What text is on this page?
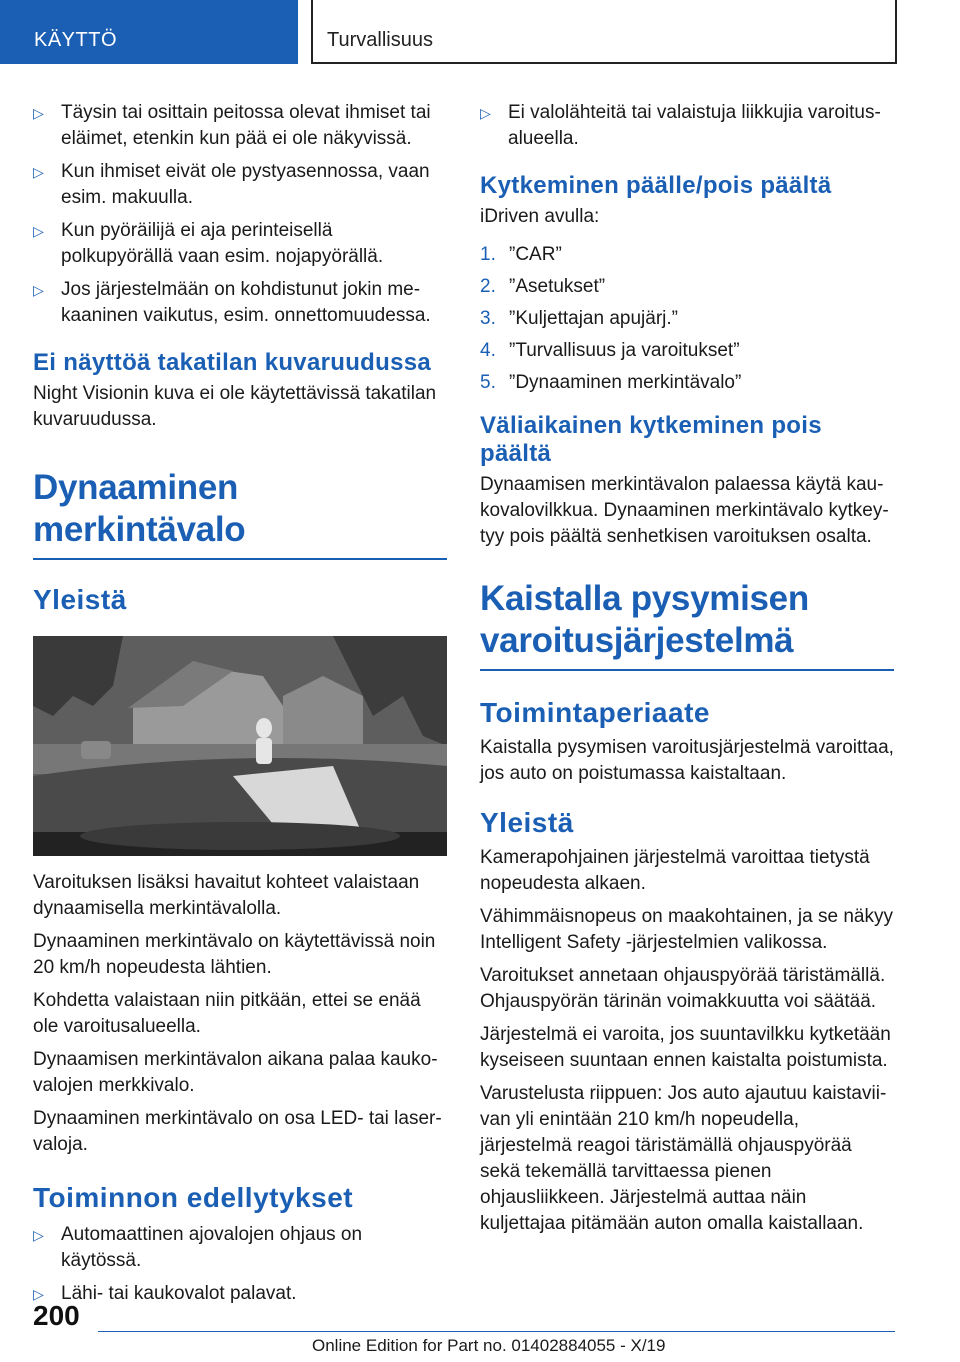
KÄYTTÖ	Turvallisuus
▷ Täysin tai osittain peitossa olevat ihmiset tai eläimet, etenkin kun pää ei ole näkyvissä.
▷ Kun ihmiset eivät ole pystyasennossa, vaan esim. makuulla.
▷ Kun pyöräilijä ei aja perinteisellä polkupyörällä vaan esim. nojapyörällä.
▷ Jos järjestelmään on kohdistunut jokin mekaaninen vaikutus, esim. onnettomuudessa.
Ei näyttöä takatilan kuvaruudussa
Night Visionin kuva ei ole käytettävissä takatilan kuvaruudussa.
Dynaaminen merkintävalo
Yleistä
Varoituksen lisäksi havaitut kohteet valaistaan dynaamisella merkintävalolla.
Dynaaminen merkintävalo on käytettävissä noin 20 km/h nopeudesta lähtien.
Kohdetta valaistaan niin pitkään, ettei se enää ole varoitusalueella.
Dynaamisen merkintävalon aikana palaa kaukovalojen merkkivalo.
Dynaaminen merkintävalo on osa LED- tai laservaloja.
Toiminnon edellytykset
▷ Automaattinen ajovalojen ohjaus on käytössä.
▷ Lähi- tai kaukovalot palavat.
▷ Ei valolähteitä tai valaistuja liikkujia varoitusalueella.
Kytkeminen päälle/pois päältä
iDriven avulla:
1. ”CAR”
2. ”Asetukset”
3. ”Kuljettajan apujärj.”
4. ”Turvallisuus ja varoitukset”
5. ”Dynaaminen merkintävalo”
Väliaikainen kytkeminen pois päältä
Dynaamisen merkintävalon palaessa käytä kaukovalovilkkua. Dynaaminen merkintävalo kytkeytyy pois päältä senhetkisen varoituksen osalta.
Kaistalla pysymisen varoitusjärjestelmä
Toimintaperiaate
Kaistalla pysymisen varoitusjärjestelmä varoittaa, jos auto on poistumassa kaistaltaan.
Yleistä
Kamerapohjainen järjestelmä varoittaa tietystä nopeudesta alkaen.
Vähimmäisnopeus on maakohtainen, ja se näkyy Intelligent Safety -järjestelmien valikossa.
Varoitukset annetaan ohjauspyörää täristämällä. Ohjauspyörän tärinän voimakkuutta voi säätää.
Järjestelmä ei varoita, jos suuntavilkku kytketään kyseiseen suuntaan ennen kaistalta poistumista.
Varustelusta riippuen: Jos auto ajautuu kaistaviivan yli enintään 210 km/h nopeudella, järjestelmä reagoi täristämällä ohjauspyörää sekä tekemällä tarvittaessa pienen ohjausliikkeen. Järjestelmä auttaa näin kuljettajaa pitämään auton omalla kaistallaan.
200
Online Edition for Part no. 01402884055 - X/19
